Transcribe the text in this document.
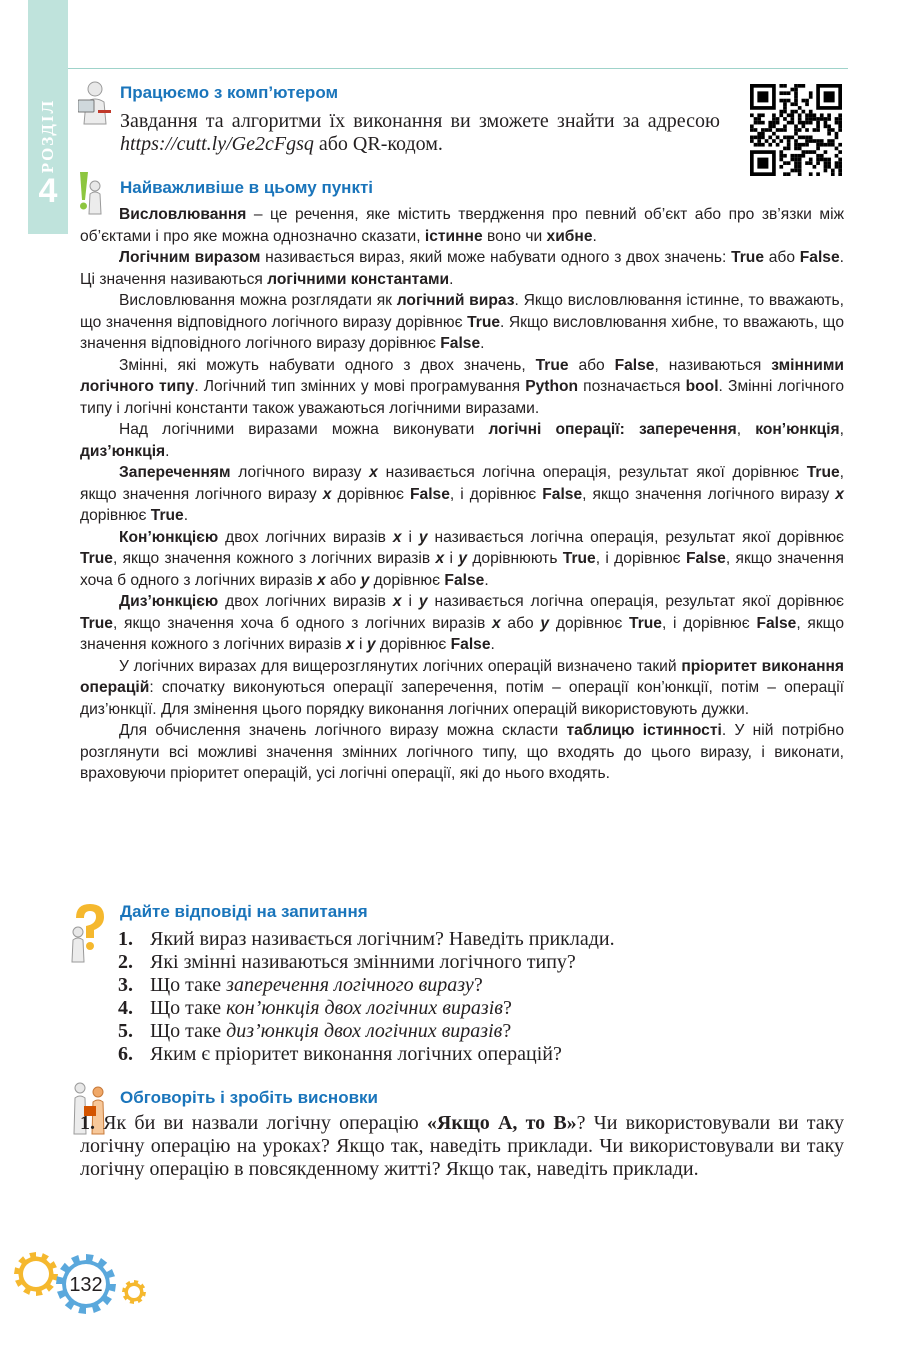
РОЗДІЛ
4
Працюємо з комп’ютером
Завдання та алгоритми їх виконання ви зможете знайти за адресою https://cutt.ly/Ge2cFgsq або QR-кодом.
Найважливіше в цьому пункті

Висловлювання – це речення, яке містить твердження про певний об’єкт або про зв’язки між об’єктами і про яке можна однозначно сказати, істинне воно чи хибне.

Логічним виразом називається вираз, який може набувати одного з двох значень: True або False. Ці значення називаються логічними константами.

Висловлювання можна розглядати як логічний вираз. Якщо висловлювання істинне, то вважають, що значення відповідного логічного виразу дорівнює True. Якщо висловлювання хибне, то вважають, що значення відповідного логічного виразу дорівнює False.

Змінні, які можуть набувати одного з двох значень, True або False, називаються змінними логічного типу. Логічний тип змінних у мові програмування Python позначається bool. Змінні логічного типу і логічні константи також уважаються логічними виразами.

Над логічними виразами можна виконувати логічні операції: заперечення, кон’юнкція, диз’юнкція.

Запереченням логічного виразу x називається логічна операція, результат якої дорівнює True, якщо значення логічного виразу x дорівнює False, і дорівнює False, якщо значення логічного виразу x дорівнює True.

Кон’юнкцією двох логічних виразів x і y називається логічна операція, результат якої дорівнює True, якщо значення кожного з логічних виразів x і y дорівнюють True, і дорівнює False, якщо значення хоча б одного з логічних виразів x або y дорівнює False.

Диз’юнкцією двох логічних виразів x і y називається логічна операція, результат якої дорівнює True, якщо значення хоча б одного з логічних виразів x або y дорівнює True, і дорівнює False, якщо значення кожного з логічних виразів x і y дорівнює False.

У логічних виразах для вищерозглянутих логічних операцій визначено такий пріоритет виконання операцій: спочатку виконуються операції заперечення, потім – операції кон’юнкції, потім – операції диз’юнкції. Для змінення цього порядку виконання логічних операцій використовують дужки.

Для обчислення значень логічного виразу можна скласти таблицю істинності. У ній потрібно розглянути всі можливі значення змінних логічного типу, що входять до цього виразу, і виконати, враховуючи пріоритет операцій, усі логічні операції, які до нього входять.

Дайте відповіді на запитання
1. Який вираз називається логічним? Наведіть приклади.
2. Які змінні називаються змінними логічного типу?
3. Що таке заперечення логічного виразу?
4. Що таке кон’юнкція двох логічних виразів?
5. Що таке диз’юнкція двох логічних виразів?
6. Яким є пріоритет виконання логічних операцій?
Обговоріть і зробіть висновки
1. Як би ви назвали логічну операцію «Якщо А, то В»? Чи використовували ви таку логічну операцію на уроках? Якщо так, наведіть приклади. Чи використовували ви таку логічну операцію в повсякденному житті? Якщо так, наведіть приклади.
132
